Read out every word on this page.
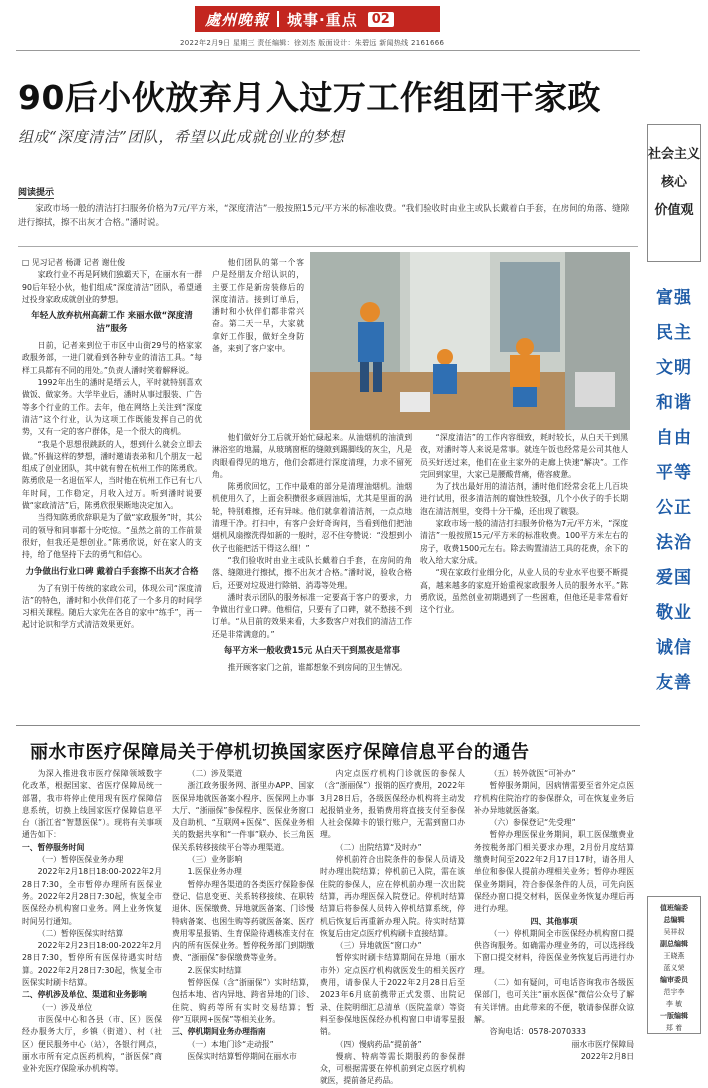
處州晚報 城事·重点	02
2022年2月9日 星期三 责任编辑：徐刘杰 版面设计：朱碧远 新闻热线 2161666
90后小伙放弃月入过万工作组团干家政
组成“深度清洁”团队，希望以此成就创业的梦想
阅读提示
家政市场一般的清洁打扫服务价格为7元/平方米，“深度清洁”一般按照15元/平方米的标准收费。“我们验收时由业主或队长戴着白手套，在房间的角落、缝隙进行擦拭，擦不出灰才合格。”潘时说。
□ 见习记者 杨潇 记者 谢仕俊

家政行业不再是阿姨们独霸天下，在丽水有一群90后年轻小伙，他们组成“深度清洁”团队，希望通过投身家政成就创业的梦想。

年轻人放弃杭州高薪工作 来丽水做“深度清洁”服务

日前，记者来到位于市区中山街29号的格家家政服务部，一进门就看到各种专业的清洁工具。“每样工具都有不同的用处。”负责人潘时笑着解释说。

1992年出生的潘时是缙云人，平时就特别喜欢做饭、做家务。大学毕业后，潘时从事过服装、广告等多个行业的工作。去年，他在网络上关注到“深度清洁”这个行业，认为这项工作既能发挥自己的优势，又有一定的客户群体，是一个很大的商机。

“我是个思想很跳跃的人，想到什么就会立即去做。”怀揣这样的梦想，潘时邀请表弟和几个朋友一起组成了创业团队，其中就有曾在杭州工作的陈勇欣。陈勇欣是一名退伍军人，当时他在杭州工作已有七八年时间，工作稳定，月收入过万。听到潘时说要做“家政清洁”后，陈勇欣很果断地决定加入。

当得知陈勇欣辞职是为了做“家政服务”时，其公司的领导和同事都十分吃惊。“虽然之前的工作前景很好，但我还是想创业。”陈勇欣说，好在家人的支持，给了他坚持下去的勇气和信心。

力争做出行业口碑 戴着白手套擦不出灰才合格

为了有别于传统的家政公司，体现公司“深度清洁”的特色，潘时和小伙伴们花了一个多月的时间学习相关课程。随后大家先在各自的家中“练手”，再一起讨论识和学方式清洁效果更好。

他们团队的第一个客户是经朋友介绍认识的，主要工作是新房装修后的深度清洁。接到订单后，潘时和小伙伴们都非常兴奋。第二天一早，大家就拿好工作服，做好全身防备，来到了客户家中。

他们做好分工后就开始忙碌起来。从油烟机的油渍到淋浴室的地漏，从玻璃窗框的缝隙到踢脚线的灰尘，凡是肉眼看得见的地方，他们会都进行深度清理，力求不留死角。

陈勇欣回忆，工作中最难的部分是清理油烟机。油烟机使用久了，上面会积攒很多顽固油垢，尤其是里面的涡轮，特别难擦，还有异味。他们就拿着清洁剂，一点点地清理干净。打扫中，有客户会好奇询问，当看到他们把油烟机风扇擦洗得如新的一般时，忍不住夸赞说：“没想到小伙子也能把活干得这么细！”

“我们验收时由业主或队长戴着白手套，在房间的角落、缝隙进行擦拭，擦不出灰才合格。”潘时说，验收合格后，还要对垃圾进行除销、消毒等处理。

潘时表示团队的服务标准一定要高于客户的要求，力争做出行业口碑。他相信，只要有了口碑，就不愁接不到订单。“从目前的效果来看，大多数客户对我们的清洁工作还是非常满意的。”

每平方米一般收费15元 从白天干到黑夜是常事

推开顾客家门之前，谁都想象不到房间的卫生情况。

“深度清洁”的工作内容细致，耗时较长，从白天干到黑夜，对潘时等人来说是常事。就连午饭也经常是公司其他人员买好送过来，他们在业主家外的走廊上快速“解决”。工作完回到家里，大家已是腰酸背痛，倦容疲惫。

为了找出最好用的清洁剂，潘时他们经常会花上几百块进行试用，很多清洁剂的腐蚀性较强，几个小伙子的手长期泡在清洁剂里，变得十分干燥，还出现了皲裂。

家政市场一般的清洁打扫服务价格为7元/平方米，“深度清洁”一般按照15元/平方米的标准收费。100平方米左右的房子，收费1500元左右。除去购置清洁工具的花费，余下的收入给大家分成。

“现在家政行业细分化，从业人员的专业水平也要不断提高，越来越多的家庭开始重视家政服务人员的服务水平。”陈勇欣说，虽然创业初期遇到了一些困难，但他还是非常看好这个行业。

丽水市医疗保障局关于停机切换国家医疗保障信息平台的通告

为深入推进我市医疗保障领域数字化改革，根据国家、省医疗保障局统一部署，我市将停止使用现有医疗保障信息系统，切换上线国家医疗保障信息平台（浙江省“智慧医保”）。现将有关事项通告如下：

一、暂停服务时间

（一）暂停医保业务办理

2022年2月18日18:00-2022年2月28日7:30，全市暂停办理所有医保业务。2022年2月28日7:30起，恢复全市医保经办机构窗口业务。网上业务恢复时间另行通知。

（二）暂停医保实时结算

2022年2月23日18:00-2022年2月28日7:30，暂停所有医保待遇实时结算。2022年2月28日7:30起，恢复全市医保实时刷卡结算。

二、停机涉及单位、渠道和业务影响

（一）涉及单位

市医保中心和各县（市、区）医保经办服务大厅，乡镇（街道）、村（社区）便民服务中心（站），各银行网点，丽水市所有定点医药机构，“浙医保”商业补充医疗保险承办机构等。

（二）涉及渠道

浙江政务服务网、浙里办APP、国家医保异地就医备案小程序、医保网上办事大厅、“浙丽保”参保程序、医保业务窗口及自助机、“互联网+医保”、医保业务相关的数据共享和“一件事”联办、长三角医保关系转移接续平台等办理渠道。

（三）业务影响

1.医保业务办理

暂停办理各渠道的各类医疗保险参保登记、信息变更、关系转移接续、在职转退休、医保缴费、异地就医备案、门诊慢特病备案、也困生购等药就医备案、医疗费用零星报销、生育保险待遇核准支付在内的所有医保业务。暂停税务部门到期缴费、“浙丽保”参保缴费等业务。

2.医保实时结算

暂停医保（含“浙丽保”）实时结算，包括本地、省内异地、跨省异地的门诊、住院、购药等所有实时交易结算；暂停“互联网+医保”等相关业务。

三、停机期间业务办理指南

（一）本地门诊“走动报”

医保实时结算暂停期间在丽水市

内定点医疗机构门诊就医的参保人（含“浙丽保”）报销的医疗费用，2022年3月28日后，各级医保经办机构将主动发起报销业务，报销费用将直接支付至参保人社会保障卡的银行账户，无需到窗口办理。

（二）出院结算“及时办”

停机前符合出院条件的参保人员请及时办理出院结算；停机前已入院，需在该住院的参保人，应在停机前办理一次出院结算，再办理医保入院登记。停机时结算结算后将参保人员转入停机结算系统，停机后恢复后再重新办理入院。待实时结算恢复后由定点医疗机构刷卡直接结算。

（三）异地就医“窗口办”

暂停实时刷卡结算期间在异地（丽水市外）定点医疗机构就医发生的相关医疗费用，请参保人于2022年2月28日后至2023年6月底前携带正式发票、出院记录、住院明细汇总清单（医院盖章）等资料至参保地医保经办机构窗口申请零星报销。

（四）慢病药品“提前备”

慢病、特病等需长期服药的参保群众，可根据需要在停机前到定点医疗机构就医，提前备足药品。

（五）转外就医“可补办”

暂停服务期间，因病情需要至省外定点医疗机构住院治疗的参保群众，可在恢复业务后补办异地就医备案。

（六）参保登记“先受理”

暂停办理医保业务期间，职工医保缴费业务按税务部门相关要求办理，2月份月度结算缴费时间至2022年2月17日17时，请各用人单位和参保人提前办理相关业务；暂停办理医保业务期间，符合参保条件的人员，可先向医保经办窗口提交材料，医保业务恢复办理后再进行办理。

四、其他事项

（一）停机期间全市医保经办机构窗口提供咨询服务。如确需办理业务的，可以选择线下窗口提交材料，待医保业务恢复后再进行办理。

（二）如有疑问，可电话咨询我市各级医保部门，也可关注“丽水医保”微信公众号了解有关详情。由此带来的不便，敬请参保群众谅解。

咨询电话：0578-2070333

丽水市医疗保障局

2022年2月8日

社会主义
核心
价值观
富强
民主
文明
和谐
自由
平等
公正
法治
爱国
敬业
诚信
友善
值班编委
总编辑
吴祥叔
副总编辑
王晓燕
蓝义荣
编审委员
范宇李
李 敏
一版编辑
郑 着
